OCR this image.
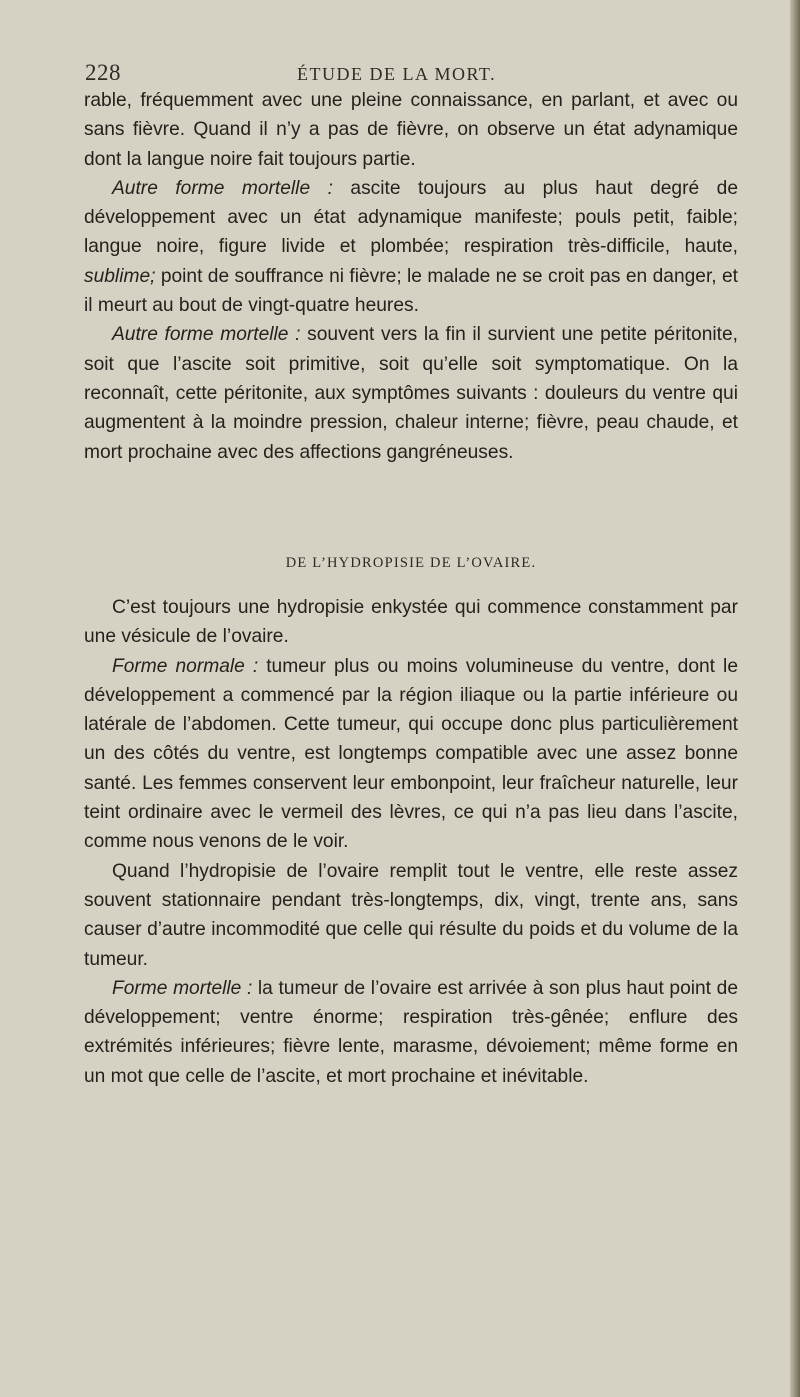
228	ÉTUDE DE LA MORT.

rable, fréquemment avec une pleine connaissance, en parlant, et avec ou sans fièvre. Quand il n’y a pas de fièvre, on observe un état adynamique dont la langue noire fait toujours partie.

Autre forme mortelle : ascite toujours au plus haut degré de développement avec un état adynamique manifeste; pouls petit, faible; langue noire, figure livide et plombée; respiration très-difficile, haute, sublime; point de souffrance ni fièvre; le malade ne se croit pas en danger, et il meurt au bout de vingt-quatre heures.

Autre forme mortelle : souvent vers la fin il survient une petite péritonite, soit que l’ascite soit primitive, soit qu’elle soit symptomatique. On la reconnaît, cette péritonite, aux symptômes suivants : douleurs du ventre qui augmentent à la moindre pression, chaleur interne; fièvre, peau chaude, et mort prochaine avec des affections gangréneuses.

DE L’HYDROPISIE DE L’OVAIRE.

C’est toujours une hydropisie enkystée qui commence constamment par une vésicule de l’ovaire.

Forme normale : tumeur plus ou moins volumineuse du ventre, dont le développement a commencé par la région iliaque ou la partie inférieure ou latérale de l’abdomen. Cette tumeur, qui occupe donc plus particulièrement un des côtés du ventre, est longtemps compatible avec une assez bonne santé. Les femmes conservent leur embonpoint, leur fraîcheur naturelle, leur teint ordinaire avec le vermeil des lèvres, ce qui n’a pas lieu dans l’ascite, comme nous venons de le voir.

Quand l’hydropisie de l’ovaire remplit tout le ventre, elle reste assez souvent stationnaire pendant très-longtemps, dix, vingt, trente ans, sans causer d’autre incommodité que celle qui résulte du poids et du volume de la tumeur.

Forme mortelle : la tumeur de l’ovaire est arrivée à son plus haut point de développement; ventre énorme; respiration très-gênée; enflure des extrémités inférieures; fièvre lente, marasme, dévoiement; même forme en un mot que celle de l’ascite, et mort prochaine et inévitable.
